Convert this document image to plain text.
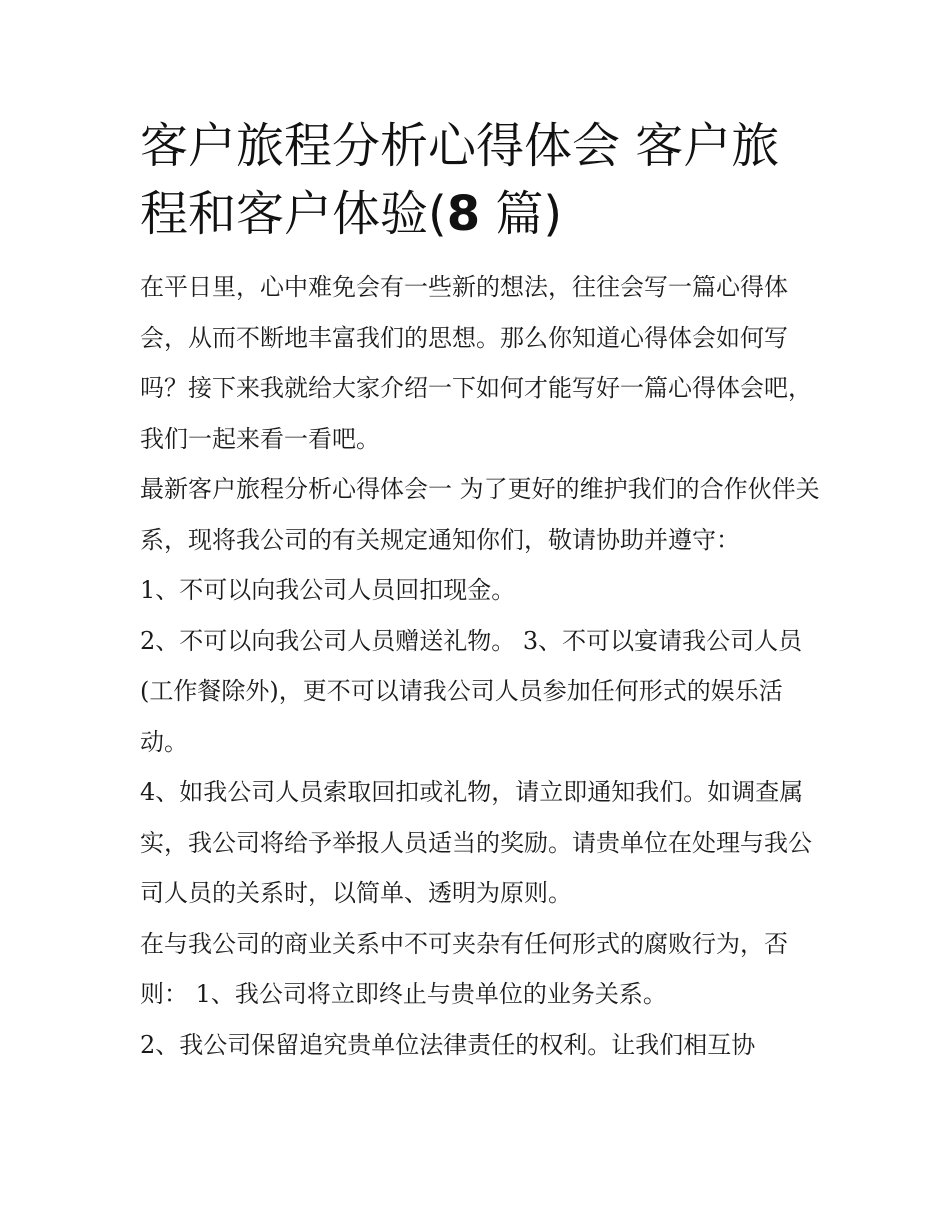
客户旅程分析心得体会 客户旅程和客户体验(8 篇)

在平日里，心中难免会有一些新的想法，往往会写一篇心得体会，从而不断地丰富我们的思想。那么你知道心得体会如何写吗？接下来我就给大家介绍一下如何才能写好一篇心得体会吧，我们一起来看一看吧。

最新客户旅程分析心得体会一 为了更好的维护我们的合作伙伴关系，现将我公司的有关规定通知你们，敬请协助并遵守：

1、不可以向我公司人员回扣现金。

2、不可以向我公司人员赠送礼物。 3、不可以宴请我公司人员(工作餐除外)，更不可以请我公司人员参加任何形式的娱乐活动。

4、如我公司人员索取回扣或礼物，请立即通知我们。如调查属实，我公司将给予举报人员适当的奖励。请贵单位在处理与我公司人员的关系时，以简单、透明为原则。

在与我公司的商业关系中不可夹杂有任何形式的腐败行为，否则： 1、我公司将立即终止与贵单位的业务关系。

2、我公司保留追究贵单位法律责任的权利。让我们相互协
